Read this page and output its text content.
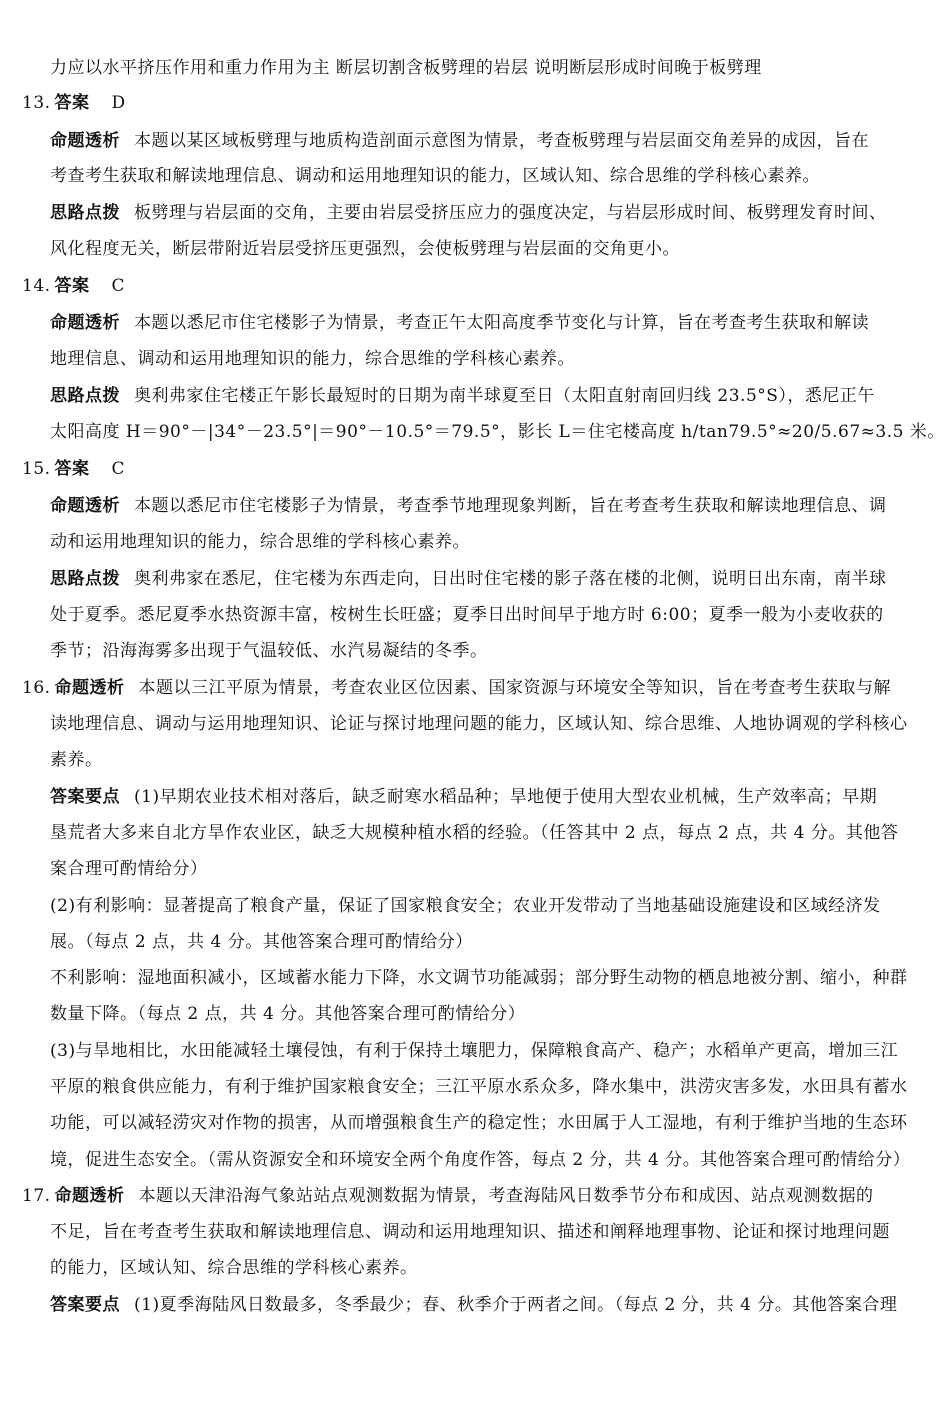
力应以水平挤压作用和重力作用为主 断层切割含板劈理的岩层 说明断层形成时间晚于板劈理
13. 答案 D
命题透析 本题以某区域板劈理与地质构造剖面示意图为情景，考查板劈理与岩层面交角差异的成因，旨在
考查考生获取和解读地理信息、调动和运用地理知识的能力，区域认知、综合思维的学科核心素养。
思路点拨 板劈理与岩层面的交角，主要由岩层受挤压应力的强度决定，与岩层形成时间、板劈理发育时间、
风化程度无关，断层带附近岩层受挤压更强烈，会使板劈理与岩层面的交角更小。
14. 答案 C
命题透析 本题以悉尼市住宅楼影子为情景，考查正午太阳高度季节变化与计算，旨在考查考生获取和解读
地理信息、调动和运用地理知识的能力，综合思维的学科核心素养。
思路点拨 奥利弗家住宅楼正午影长最短时的日期为南半球夏至日（太阳直射南回归线 23.5°S），悉尼正午
太阳高度 H＝90°－|34°－23.5°|＝90°－10.5°＝79.5°，影长 L＝住宅楼高度 h/tan79.5°≈20/5.67≈3.5 米。
15. 答案 C
命题透析 本题以悉尼市住宅楼影子为情景，考查季节地理现象判断，旨在考查考生获取和解读地理信息、调
动和运用地理知识的能力，综合思维的学科核心素养。
思路点拨 奥利弗家在悉尼，住宅楼为东西走向，日出时住宅楼的影子落在楼的北侧，说明日出东南，南半球
处于夏季。悉尼夏季水热资源丰富，桉树生长旺盛；夏季日出时间早于地方时 6:00；夏季一般为小麦收获的
季节；沿海海雾多出现于气温较低、水汽易凝结的冬季。
16. 命题透析 本题以三江平原为情景，考查农业区位因素、国家资源与环境安全等知识，旨在考查考生获取与解
读地理信息、调动与运用地理知识、论证与探讨地理问题的能力，区域认知、综合思维、人地协调观的学科核心
素养。
答案要点 (1)早期农业技术相对落后，缺乏耐寒水稻品种；旱地便于使用大型农业机械，生产效率高；早期
垦荒者大多来自北方旱作农业区，缺乏大规模种植水稻的经验。（任答其中 2 点，每点 2 点，共 4 分。其他答
案合理可酌情给分）
(2)有利影响：显著提高了粮食产量，保证了国家粮食安全；农业开发带动了当地基础设施建设和区域经济发
展。（每点 2 点，共 4 分。其他答案合理可酌情给分）
不利影响：湿地面积减小，区域蓄水能力下降，水文调节功能减弱；部分野生动物的栖息地被分割、缩小，种群
数量下降。（每点 2 点，共 4 分。其他答案合理可酌情给分）
(3)与旱地相比，水田能减轻土壤侵蚀，有利于保持土壤肥力，保障粮食高产、稳产；水稻单产更高，增加三江
平原的粮食供应能力，有利于维护国家粮食安全；三江平原水系众多，降水集中，洪涝灾害多发，水田具有蓄水
功能，可以减轻涝灾对作物的损害，从而增强粮食生产的稳定性；水田属于人工湿地，有利于维护当地的生态环
境，促进生态安全。（需从资源安全和环境安全两个角度作答，每点 2 分，共 4 分。其他答案合理可酌情给分）
17. 命题透析 本题以天津沿海气象站站点观测数据为情景，考查海陆风日数季节分布和成因、站点观测数据的
不足，旨在考查考生获取和解读地理信息、调动和运用地理知识、描述和阐释地理事物、论证和探讨地理问题
的能力，区域认知、综合思维的学科核心素养。
答案要点 (1)夏季海陆风日数最多，冬季最少；春、秋季介于两者之间。（每点 2 分，共 4 分。其他答案合理
